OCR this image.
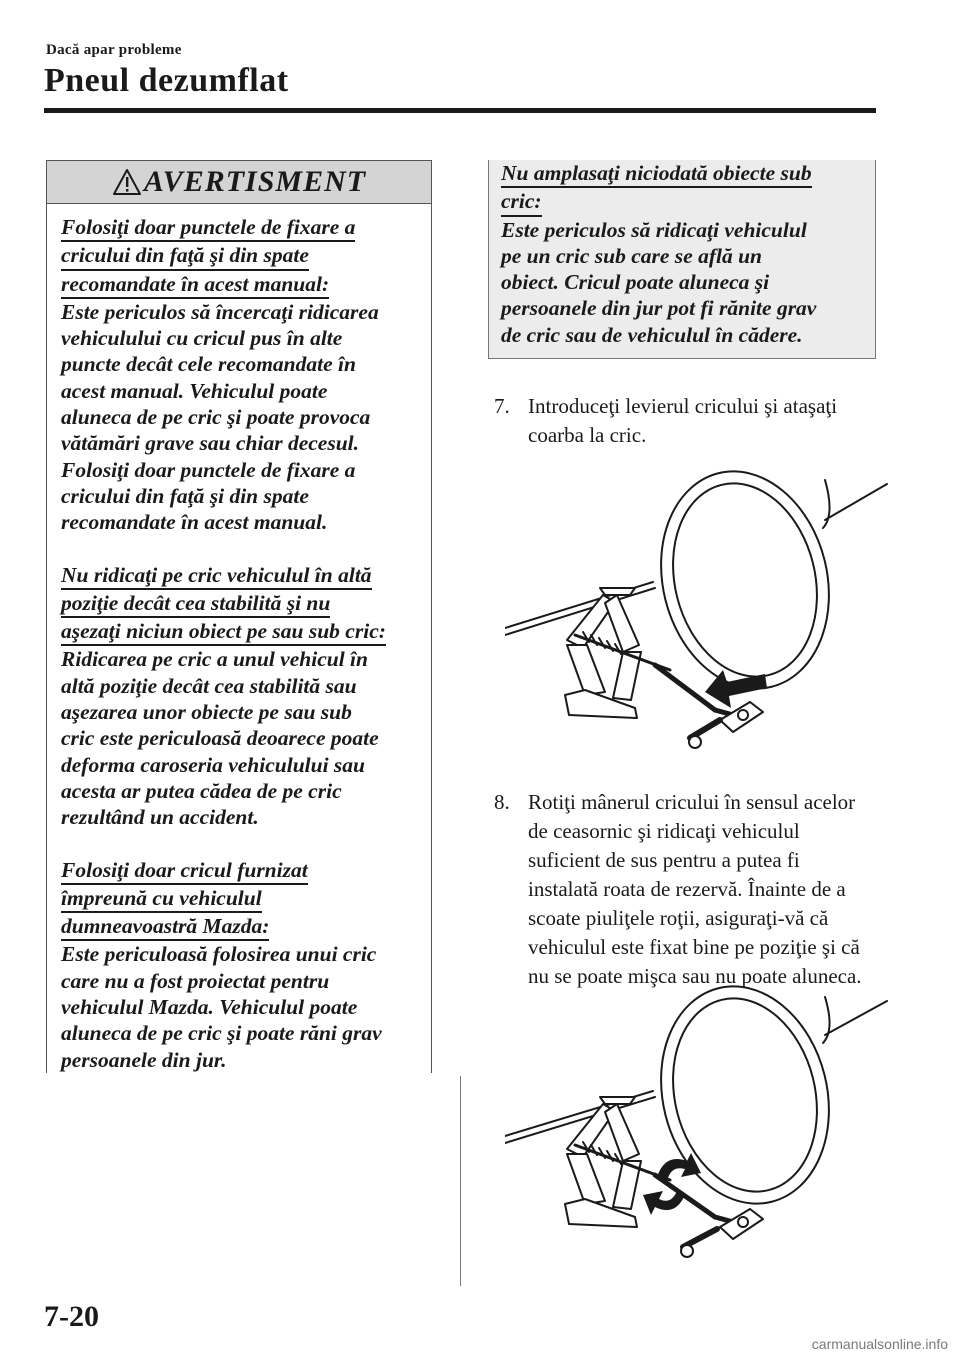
Dacă apar probleme
Pneul dezumflat
AVERTISMENT
Folosiţi doar punctele de fixare a
cricului din faţă şi din spate
recomandate în acest manual:
Este periculos să încercaţi ridicarea
vehiculului cu cricul pus în alte
puncte decât cele recomandate în
acest manual. Vehiculul poate
aluneca de pe cric şi poate provoca
vătămări grave sau chiar decesul.
Folosiţi doar punctele de fixare a
cricului din faţă şi din spate
recomandate în acest manual.
Nu ridicaţi pe cric vehiculul în altă
poziţie decât cea stabilită şi nu
aşezaţi niciun obiect pe sau sub cric:
Ridicarea pe cric a unul vehicul în
altă poziţie decât cea stabilită sau
aşezarea unor obiecte pe sau sub
cric este periculoasă deoarece poate
deforma caroseria vehiculului sau
acesta ar putea cădea de pe cric
rezultând un accident.
Folosiţi doar cricul furnizat
împreună cu vehiculul
dumneavoastră Mazda:
Este periculoasă folosirea unui cric
care nu a fost proiectat pentru
vehiculul Mazda. Vehiculul poate
aluneca de pe cric şi poate răni grav
persoanele din jur.
Nu amplasaţi niciodată obiecte sub
cric:
Este periculos să ridicaţi vehiculul
pe un cric sub care se află un
obiect. Cricul poate aluneca şi
persoanele din jur pot fi rănite grav
de cric sau de vehiculul în cădere.
7. Introduceţi levierul cricului şi ataşaţi
coarba la cric.
8. Rotiţi mânerul cricului în sensul acelor
de ceasornic şi ridicaţi vehiculul
suficient de sus pentru a putea fi
instalată roata de rezervă. Înainte de a
scoate piuliţele roţii, asiguraţi-vă că
vehiculul este fixat bine pe poziţie şi că
nu se poate mişca sau nu poate aluneca.
7-20
carmanualsonline.info
